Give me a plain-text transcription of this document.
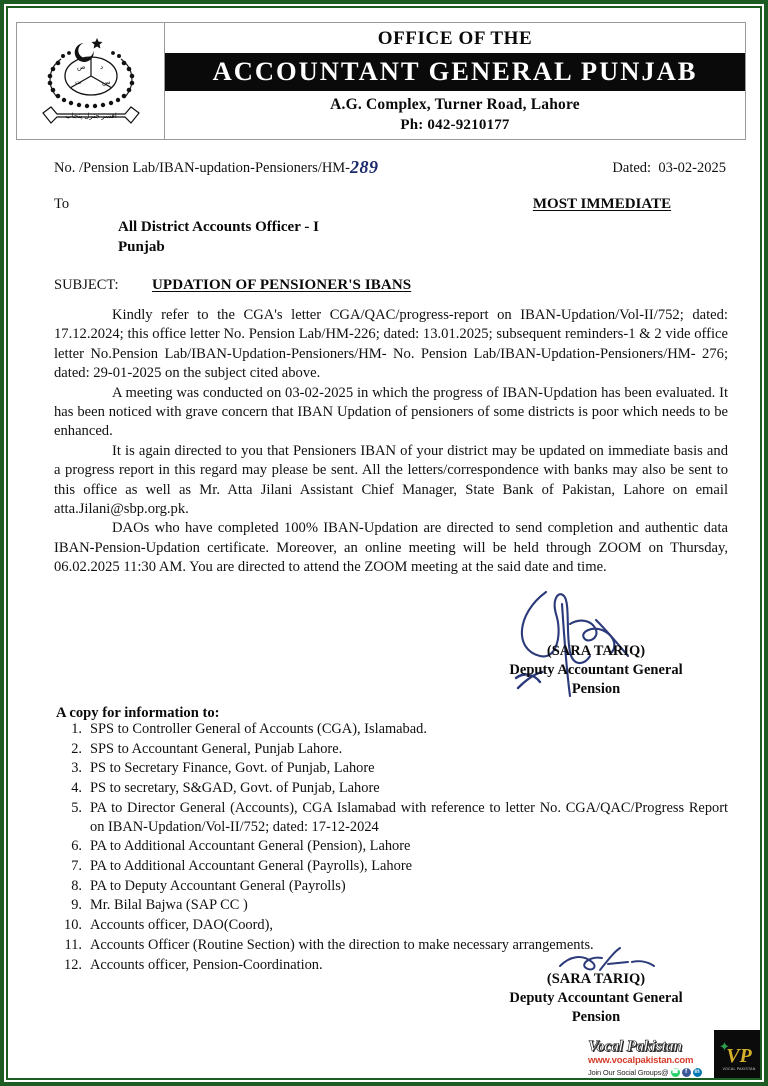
ص د
ت	س
افسر جنرل پنجاب
OFFICE OF THE
ACCOUNTANT GENERAL PUNJAB
A.G. Complex, Turner Road, Lahore
Ph: 042-9210177
No. /Pension Lab/IBAN-updation-Pensioners/HM-289	Dated: 03-02-2025
To	MOST IMMEDIATE
All District Accounts Officer - I
Punjab
SUBJECT:	UPDATION OF PENSIONER'S IBANS

Kindly refer to the CGA's letter CGA/QAC/progress-report on IBAN-Updation/Vol-II/752; dated: 17.12.2024; this office letter No. Pension Lab/HM-226; dated: 13.01.2025; subsequent reminders-1 & 2 vide office letter No.Pension Lab/IBAN-Updation-Pensioners/HM- No. Pension Lab/IBAN-Updation-Pensioners/HM- 276; dated: 29-01-2025 on the subject cited above.

A meeting was conducted on 03-02-2025 in which the progress of IBAN-Updation has been evaluated. It has been noticed with grave concern that IBAN Updation of pensioners of some districts is poor which needs to be enhanced.

It is again directed to you that Pensioners IBAN of your district may be updated on immediate basis and a progress report in this regard may please be sent. All the letters/correspondence with banks may also be sent to this office as well as Mr. Atta Jilani Assistant Chief Manager, State Bank of Pakistan, Lahore on email atta.Jilani@sbp.org.pk.

DAOs who have completed 100% IBAN-Updation are directed to send completion and authentic data IBAN-Pension-Updation certificate. Moreover, an online meeting will be held through ZOOM on Thursday, 06.02.2025 11:30 AM. You are directed to attend the ZOOM meeting at the said date and time.

(SARA TARIQ)
Deputy Accountant General
Pension
A copy for information to:
1. SPS to Controller General of Accounts (CGA), Islamabad.
2. SPS to Accountant General, Punjab Lahore.
3. PS to Secretary Finance, Govt. of Punjab, Lahore
4. PS to secretary, S&GAD, Govt. of Punjab, Lahore
5. PA to Director General (Accounts), CGA Islamabad with reference to letter No. CGA/QAC/Progress Report on IBAN-Updation/Vol-II/752; dated: 17-12-2024
6. PA to Additional Accountant General (Pension), Lahore
7. PA to Additional Accountant General (Payrolls), Lahore
8. PA to Deputy Accountant General (Payrolls)
9. Mr. Bilal Bajwa (SAP CC )
10. Accounts officer, DAO(Coord),
11. Accounts Officer (Routine Section) with the direction to make necessary arrangements.
12. Accounts officer, Pension-Coordination.
(SARA TARIQ)
Deputy Accountant General
Pension
Vocal Pakistan
www.vocalpakistan.com
Join Our Social Groups@ ☎	f	in
✦
VP
VOCAL PAKISTAN
